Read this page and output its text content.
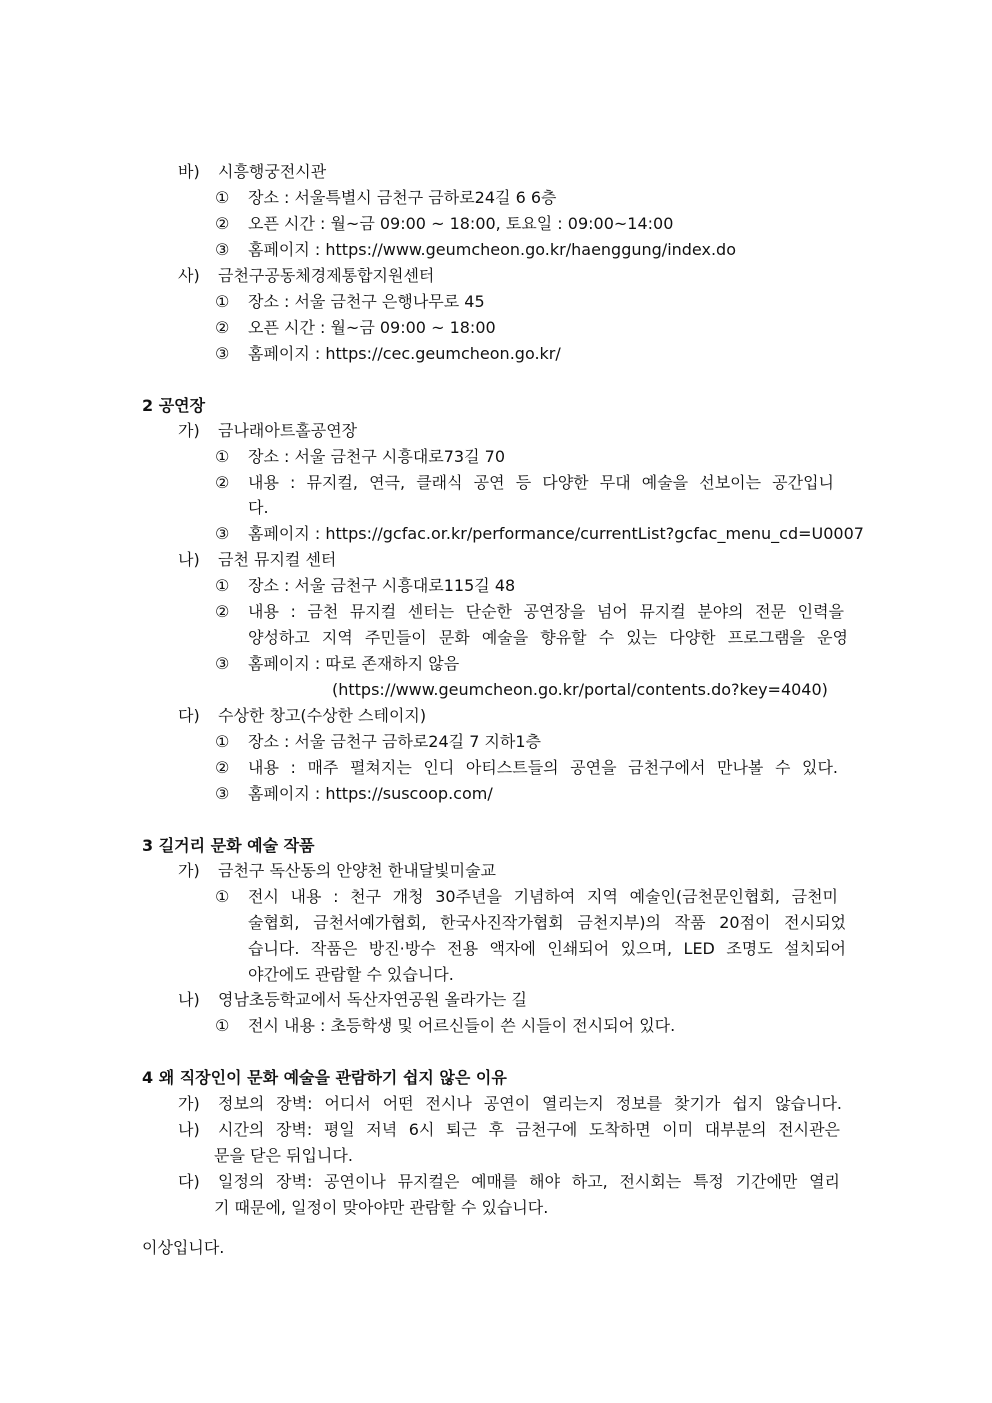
바) 시흥행궁전시관
① 장소 : 서울특별시 금천구 금하로24길 6 6층
② 오픈 시간 : 월~금 09:00 ~ 18:00, 토요일 : 09:00~14:00
③ 홈페이지 : https://www.geumcheon.go.kr/haenggung/index.do
사) 금천구공동체경제통합지원센터
① 장소 : 서울 금천구 은행나무로 45
② 오픈 시간 : 월~금 09:00 ~ 18:00
③ 홈페이지 : https://cec.geumcheon.go.kr/
2 공연장
가) 금나래아트홀공연장
① 장소 : 서울 금천구 시흥대로73길 70
② 내용 : 뮤지컬, 연극, 클래식 공연 등 다양한 무대 예술을 선보이는 공간입니
다.
③ 홈페이지 : https://gcfac.or.kr/performance/currentList?gcfac_menu_cd=U0007
나) 금천 뮤지컬 센터
① 장소 : 서울 금천구 시흥대로115길 48
② 내용 : 금천 뮤지컬 센터는 단순한 공연장을 넘어 뮤지컬 분야의 전문 인력을
양성하고 지역 주민들이 문화 예술을 향유할 수 있는 다양한 프로그램을 운영
③ 홈페이지 : 따로 존재하지 않음
(https://www.geumcheon.go.kr/portal/contents.do?key=4040)
다) 수상한 창고(수상한 스테이지)
① 장소 : 서울 금천구 금하로24길 7 지하1층
② 내용 : 매주 펼쳐지는 인디 아티스트들의 공연을 금천구에서 만나볼 수 있다.
③ 홈페이지 : https://suscoop.com/
3 길거리 문화 예술 작품
가) 금천구 독산동의 안양천 한내달빛미술교
① 전시 내용 : 천구 개청 30주년을 기념하여 지역 예술인(금천문인협회, 금천미
술협회, 금천서예가협회, 한국사진작가협회 금천지부)의 작품 20점이 전시되었
습니다. 작품은 방진·방수 전용 액자에 인쇄되어 있으며, LED 조명도 설치되어
야간에도 관람할 수 있습니다.
나) 영남초등학교에서 독산자연공원 올라가는 길
① 전시 내용 : 초등학생 및 어르신들이 쓴 시들이 전시되어 있다.
4 왜 직장인이 문화 예술을 관람하기 쉽지 않은 이유
가) 정보의 장벽: 어디서 어떤 전시나 공연이 열리는지 정보를 찾기가 쉽지 않습니다.
나) 시간의 장벽: 평일 저녁 6시 퇴근 후 금천구에 도착하면 이미 대부분의 전시관은
문을 닫은 뒤입니다.
다) 일정의 장벽: 공연이나 뮤지컬은 예매를 해야 하고, 전시회는 특정 기간에만 열리
기 때문에, 일정이 맞아야만 관람할 수 있습니다.
이상입니다.
